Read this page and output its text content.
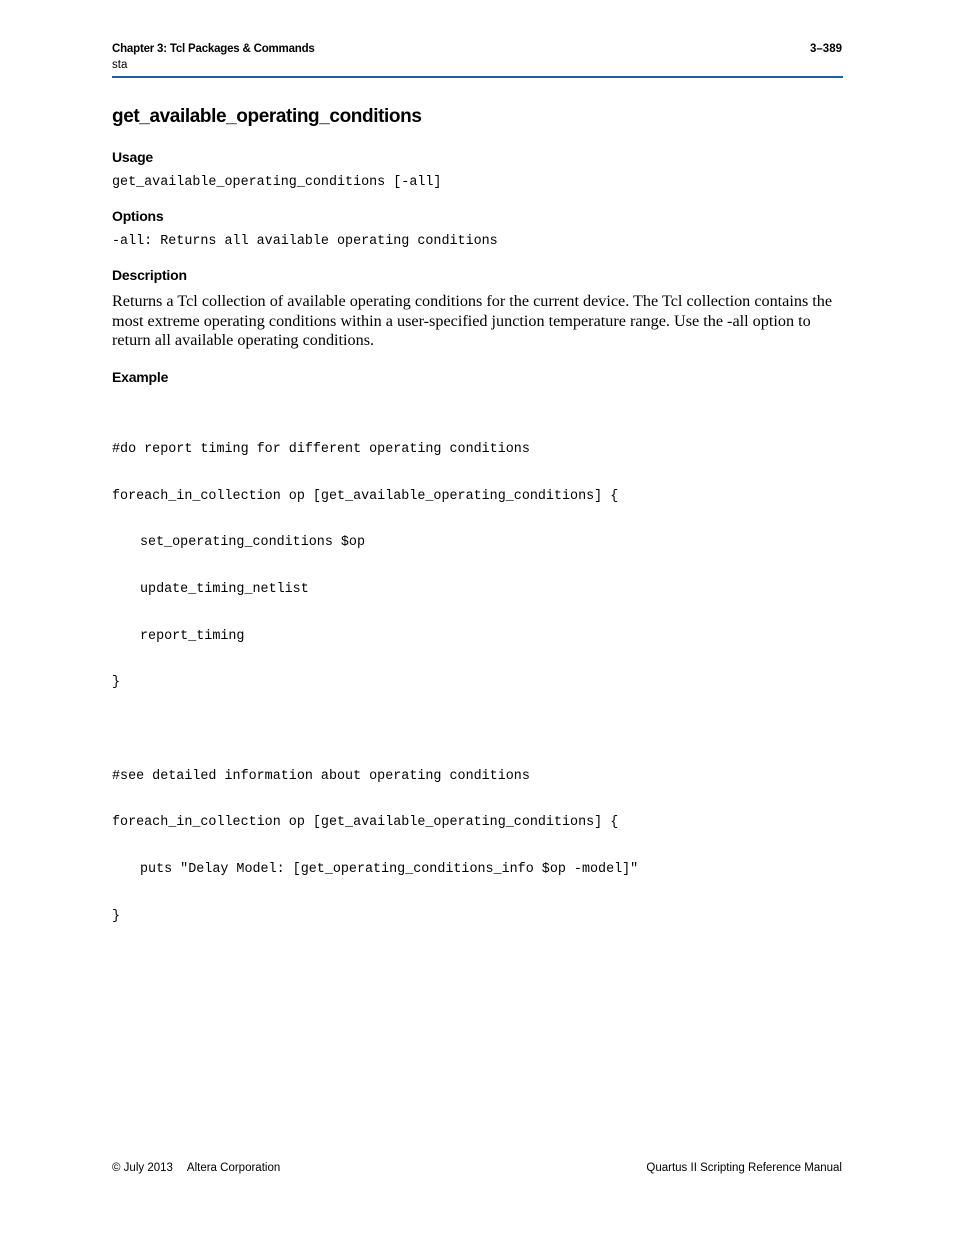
Chapter 3: Tcl Packages & Commands	3–389
sta
get_available_operating_conditions
Usage
get_available_operating_conditions [-all]
Options
-all: Returns all available operating conditions
Description

Returns a Tcl collection of available operating conditions for the current device. The Tcl collection contains the most extreme operating conditions within a user-specified junction temperature range. Use the -all option to return all available operating conditions.

Example

#do report timing for different operating conditions

foreach_in_collection op [get_available_operating_conditions] {

set_operating_conditions $op

update_timing_netlist

report_timing

}

#see detailed information about operating conditions

foreach_in_collection op [get_available_operating_conditions] {

puts "Delay Model: [get_operating_conditions_info $op -model]"

}

© July 2013 Altera Corporation	Quartus II Scripting Reference Manual
